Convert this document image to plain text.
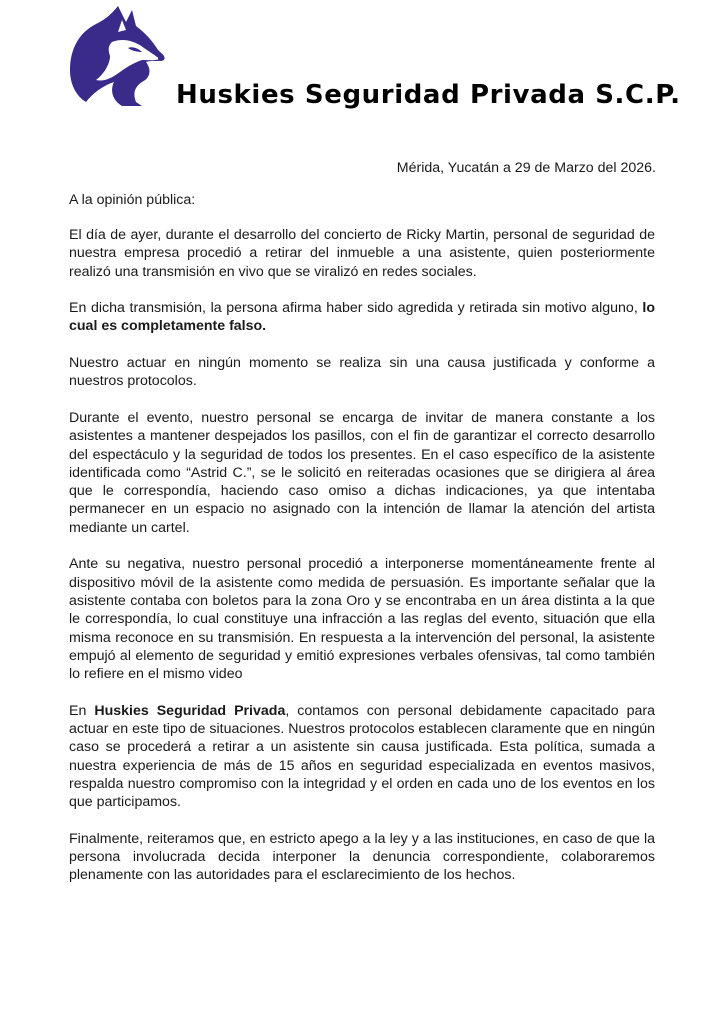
Huskies Seguridad Privada S.C.P.
Mérida, Yucatán a 29 de Marzo del 2026.
A la opinión pública:

El día de ayer, durante el desarrollo del concierto de Ricky Martin, personal de seguridad de nuestra empresa procedió a retirar del inmueble a una asistente, quien posteriormente realizó una transmisión en vivo que se viralizó en redes sociales.

En dicha transmisión, la persona afirma haber sido agredida y retirada sin motivo alguno, lo cual es completamente falso.

Nuestro actuar en ningún momento se realiza sin una causa justificada y conforme a nuestros protocolos.

Durante el evento, nuestro personal se encarga de invitar de manera constante a los asistentes a mantener despejados los pasillos, con el fin de garantizar el correcto desarrollo del espectáculo y la seguridad de todos los presentes. En el caso específico de la asistente identificada como “Astrid C.”, se le solicitó en reiteradas ocasiones que se dirigiera al área que le correspondía, haciendo caso omiso a dichas indicaciones, ya que intentaba permanecer en un espacio no asignado con la intención de llamar la atención del artista mediante un cartel.

Ante su negativa, nuestro personal procedió a interponerse momentáneamente frente al dispositivo móvil de la asistente como medida de persuasión. Es importante señalar que la asistente contaba con boletos para la zona Oro y se encontraba en un área distinta a la que le correspondía, lo cual constituye una infracción a las reglas del evento, situación que ella misma reconoce en su transmisión. En respuesta a la intervención del personal, la asistente empujó al elemento de seguridad y emitió expresiones verbales ofensivas, tal como también lo refiere en el mismo video

En Huskies Seguridad Privada, contamos con personal debidamente capacitado para actuar en este tipo de situaciones. Nuestros protocolos establecen claramente que en ningún caso se procederá a retirar a un asistente sin causa justificada. Esta política, sumada a nuestra experiencia de más de 15 años en seguridad especializada en eventos masivos, respalda nuestro compromiso con la integridad y el orden en cada uno de los eventos en los que participamos.

Finalmente, reiteramos que, en estricto apego a la ley y a las instituciones, en caso de que la persona involucrada decida interponer la denuncia correspondiente, colaboraremos plenamente con las autoridades para el esclarecimiento de los hechos.
